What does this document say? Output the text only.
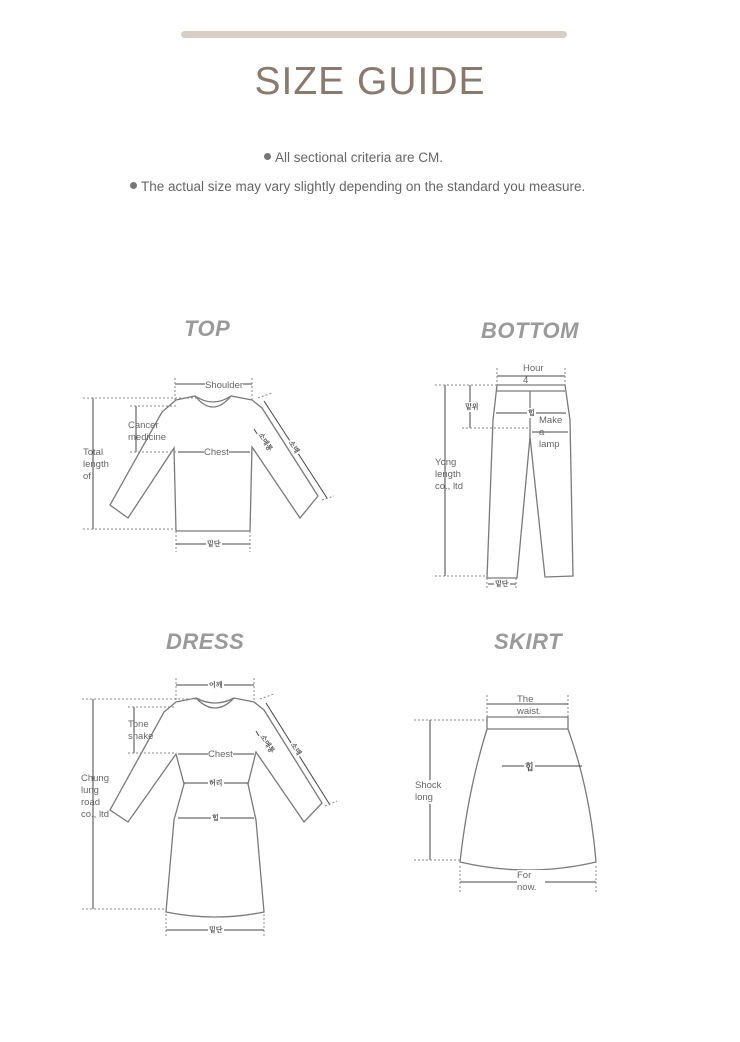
SIZE GUIDE
All sectional criteria are CM.
The actual size may vary slightly depending on the standard you measure.
TOP	BOTTOM
DRESS	SKIRT
Shoulder
Cancer medicine
Chest
Total length of
소매통	소매
밑단
Hour 4
Make a lamp
Yong length co., ltd
밑위
힙
밑단
어깨
Tone shake
Chest
허리
힙
Chung lung road co., ltd
소매통	소매
밑단
The waist.
힙
Shock long
For now.
